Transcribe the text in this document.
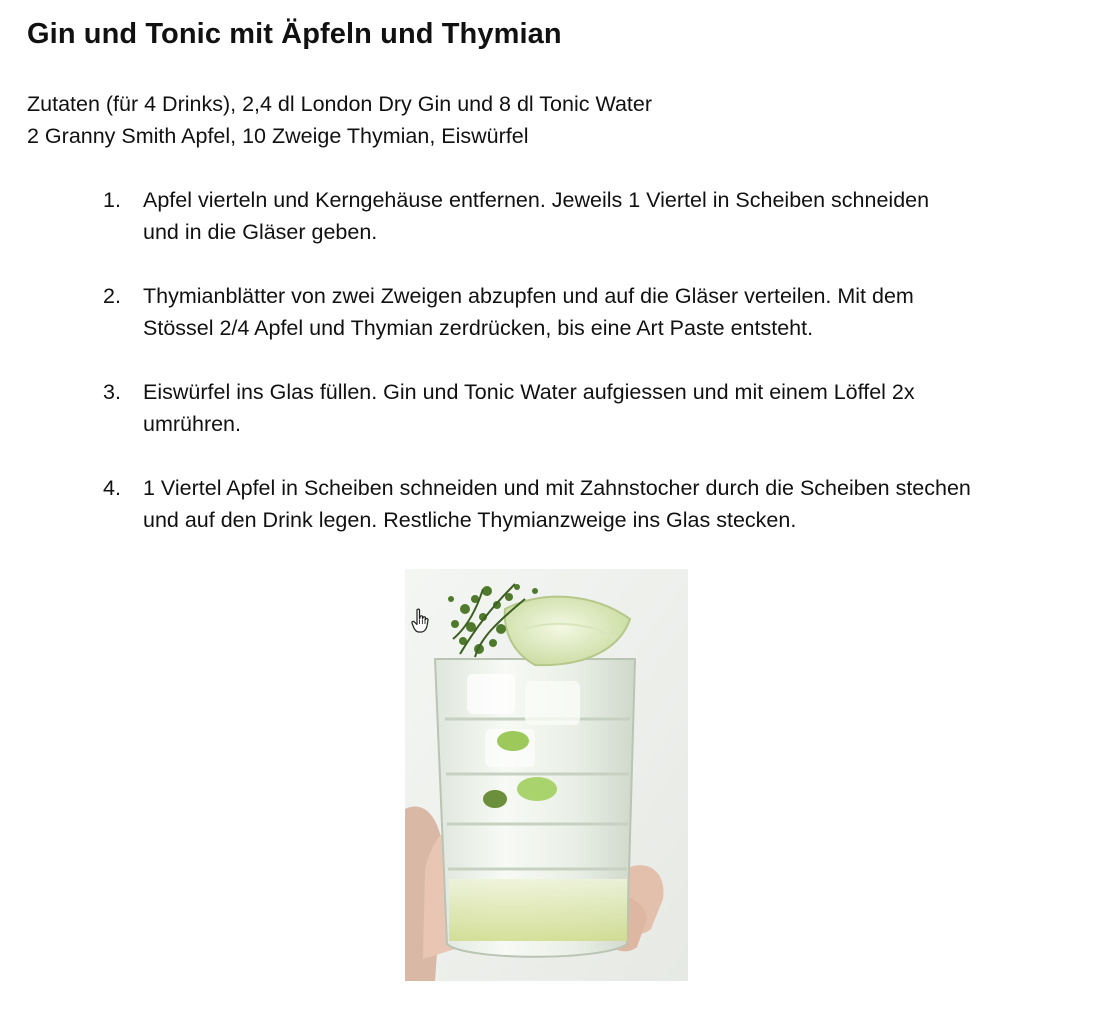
Gin und Tonic mit Äpfeln und Thymian
Zutaten (für 4 Drinks), 2,4 dl London Dry Gin und 8 dl Tonic Water
2 Granny Smith Apfel, 10 Zweige Thymian, Eiswürfel
1. Apfel vierteln und Kerngehäuse entfernen. Jeweils 1 Viertel in Scheiben schneiden
und in die Gläser geben.
2. Thymianblätter von zwei Zweigen abzupfen und auf die Gläser verteilen. Mit dem
Stössel 2/4 Apfel und Thymian zerdrücken, bis eine Art Paste entsteht.
3. Eiswürfel ins Glas füllen. Gin und Tonic Water aufgiessen und mit einem Löffel 2x
umrühren.
4. 1 Viertel Apfel in Scheiben schneiden und mit Zahnstocher durch die Scheiben stechen
und auf den Drink legen. Restliche Thymianzweige ins Glas stecken.
